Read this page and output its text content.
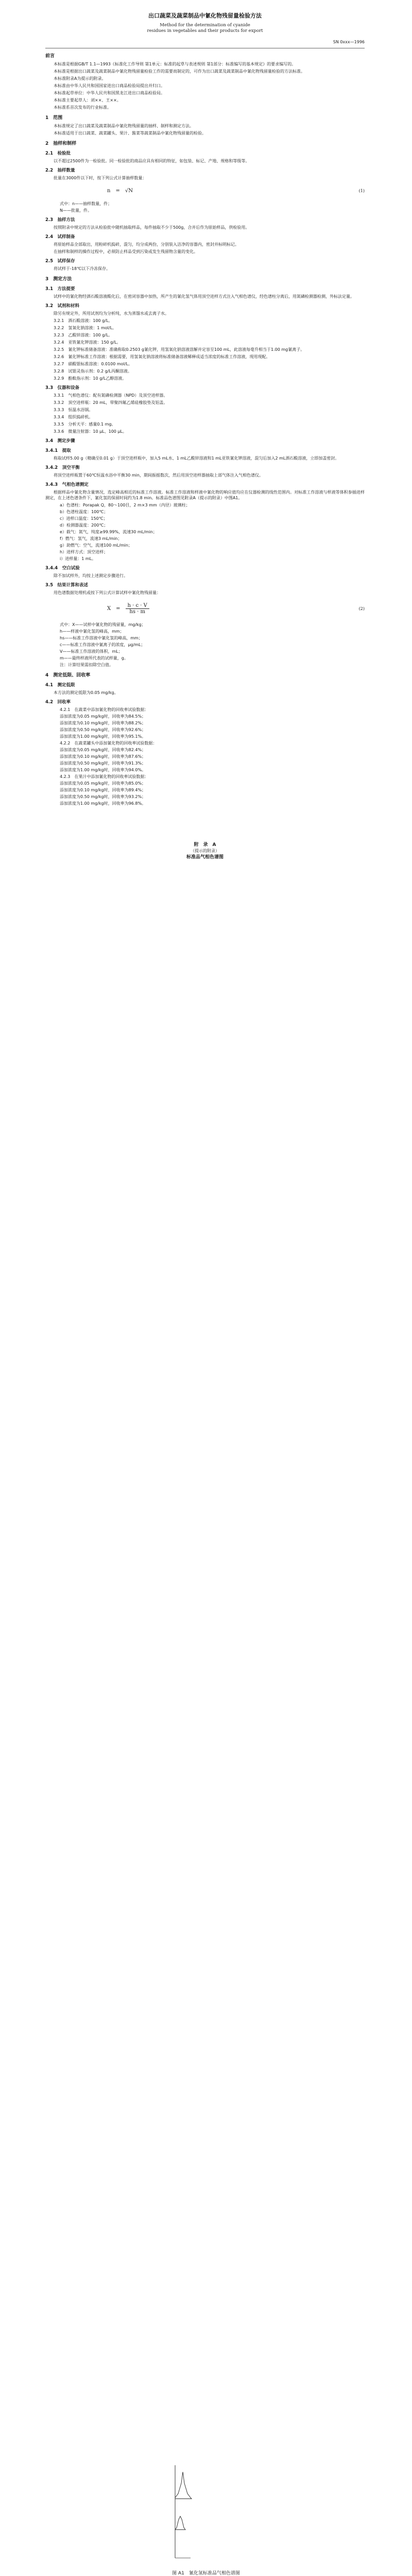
出口蔬菜及蔬菜制品中氰化物残留量检验方法
Method for the determination of cyanide
residues in vegetables and their products for export
SN 0xxx—1996
前言
本标准是根据GB/T 1.1—1993《标准化工作导则 第1单元：标准的起草与表述规则 第1部分：标准编写的基本规定》的要求编写的。
本标准是根据出口蔬菜及蔬菜制品中氰化物残留量检验工作的需要而制定的，可作为出口蔬菜及蔬菜制品中氰化物残留量检验的方法标准。
本标准附录A为提示的附录。
本标准由中华人民共和国国家进出口商品检验局提出并归口。
本标准起草单位：中华人民共和国黑龙江进出口商品检验局。
本标准主要起草人：刘××、王××。
本标准系首次发布的行业标准。
1　范围
本标准规定了出口蔬菜及蔬菜制品中氰化物残留量的抽样、制样和测定方法。
本标准适用于出口蔬菜、蔬菜罐头、果汁、酱菜等蔬菜制品中氰化物残留量的检验。
2　抽样和制样
2.1　检验批
以不超过2500件为一检验批。同一检验批的商品应具有相同的特征，如包装、标记、产地、规格和等级等。
2.2　抽样数量
批量在3000件以下时，按下列公式计算抽样数量：
n = √N	(1)
式中：n——抽样数量，件；
N——批量，件。
2.3　抽样方法
按照附录中规定的方法从检验批中随机抽取样品，每件抽取不少于500g，合并后作为原始样品，供检验用。
2.4　试样制备
将原始样品全部取出，用粉碎机捣碎，混匀，均分成两份，分别装入洁净的容器内，密封并标明标记。
在抽样和制样的操作过程中，必须防止样品受到污染或发生残留物含量的变化。
2.5　试样保存
将试样于-18℃以下冷冻保存。
3　测定方法
3.1　方法提要
试样中的氰化物经酒石酸溶液酸化后，在密闭容器中加热，所产生的氰化氢气体用顶空进样方式注入气相色谱仪，经色谱柱分离后，用氮磷检测器检测，外标法定量。
3.2　试剂和材料
除另有规定外，所用试剂均为分析纯，水为蒸馏水或去离子水。
3.2.1　酒石酸溶液：100 g/L。
3.2.2　氢氧化钠溶液：1 mol/L。
3.2.3　乙酸锌溶液：100 g/L。
3.2.4　亚铁氰化钾溶液：150 g/L。
3.2.5　氰化钾标准储备溶液：准确称取0.2503 g氰化钾，用氢氧化钠溶液溶解并定容至100 mL，此溶液每毫升相当于1.00 mg氰离子。
3.2.6　氰化钾标准工作溶液：根据需要，用氢氧化钠溶液将标准储备溶液稀释成适当浓度的标准工作溶液，现用现配。
3.2.7　硝酸银标准溶液：0.0100 mol/L。
3.2.8　试银灵指示剂：0.2 g/L丙酮溶液。
3.2.9　酚酞指示剂：10 g/L乙醇溶液。
3.3　仪器和设备
3.3.1　气相色谱仪：配有氮磷检测器（NPD）及顶空进样器。
3.3.2　顶空进样瓶：20 mL，带聚四氟乙烯硅橡胶垫及铝盖。
3.3.3　恒温水浴锅。
3.3.4　组织捣碎机。
3.3.5　分析天平：感量0.1 mg。
3.3.6　微量注射器：10 μL、100 μL。
3.4　测定步骤
3.4.1　提取
称取试样5.00 g（精确至0.01 g）于顶空进样瓶中，加入5 mL水、1 mL乙酸锌溶液和1 mL亚铁氰化钾溶液，混匀后加入2 mL酒石酸溶液，立即加盖密封。
3.4.2　顶空平衡
将顶空进样瓶置于60℃恒温水浴中平衡30 min，期间振摇数次，然后用顶空进样器抽取上部气体注入气相色谱仪。
3.4.3　气相色谱测定
根据样品中氰化物含量情况，选定峰高相近的标准工作溶液。标准工作溶液和样液中氰化物的响应值均应在仪器检测的线性范围内。对标准工作溶液与样液等体积参插进样测定，在上述色谱条件下，氰化氢的保留时间约为1.8 min。标准品色谱图见附录A（提示的附录）中图A1。
a）色谱柱：Porapak Q，80～100目，2 m×3 mm（内径）玻璃柱；
b）色谱柱温度：100℃；
c）进样口温度：150℃；
d）检测器温度：200℃；
e）载气：氮气，纯度≥99.99%，流速30 mL/min；
f）燃气：氢气，流速3 mL/min；
g）助燃气：空气，流速100 mL/min；
h）进样方式：顶空进样；
i）进样量：1 mL。
3.4.4　空白试验
除不加试样外，均按上述测定步骤进行。
3.5　结果计算和表述
用色谱数据处理机或按下列公式计算试样中氰化物残留量：
$X = \frac{h \cdot c \cdot V}{hs \cdot m}$	(2)
式中：X——试样中氰化物的残留量，mg/kg；
h——样液中氰化氢的峰高，mm；
hs——标准工作溶液中氰化氢的峰高，mm；
c——标准工作溶液中氰离子的浓度，μg/mL；
V——标准工作溶液的体积，mL；
m——最终样液所代表的试样量，g。
注：计算结果需扣除空白值。
4　测定低限、回收率
4.1　测定低限
本方法的测定低限为0.05 mg/kg。
4.2　回收率
4.2.1　在蔬菜中添加氰化物的回收率试验数据：
添加浓度为0.05 mg/kg时，回收率为84.5%；
添加浓度为0.10 mg/kg时，回收率为88.2%；
添加浓度为0.50 mg/kg时，回收率为92.6%；
添加浓度为1.00 mg/kg时，回收率为95.1%。
4.2.2　在蔬菜罐头中添加氰化物的回收率试验数据：
添加浓度为0.05 mg/kg时，回收率为82.4%；
添加浓度为0.10 mg/kg时，回收率为87.6%；
添加浓度为0.50 mg/kg时，回收率为91.3%；
添加浓度为1.00 mg/kg时，回收率为94.0%。
4.2.3　在果汁中添加氰化物的回收率试验数据：
添加浓度为0.05 mg/kg时，回收率为85.0%；
添加浓度为0.10 mg/kg时，回收率为89.4%；
添加浓度为0.50 mg/kg时，回收率为93.2%；
添加浓度为1.00 mg/kg时，回收率为96.8%。
附　录　A
（提示的附录）
标准品气相色谱图
图 A1　氰化氢标准品气相色谱图
